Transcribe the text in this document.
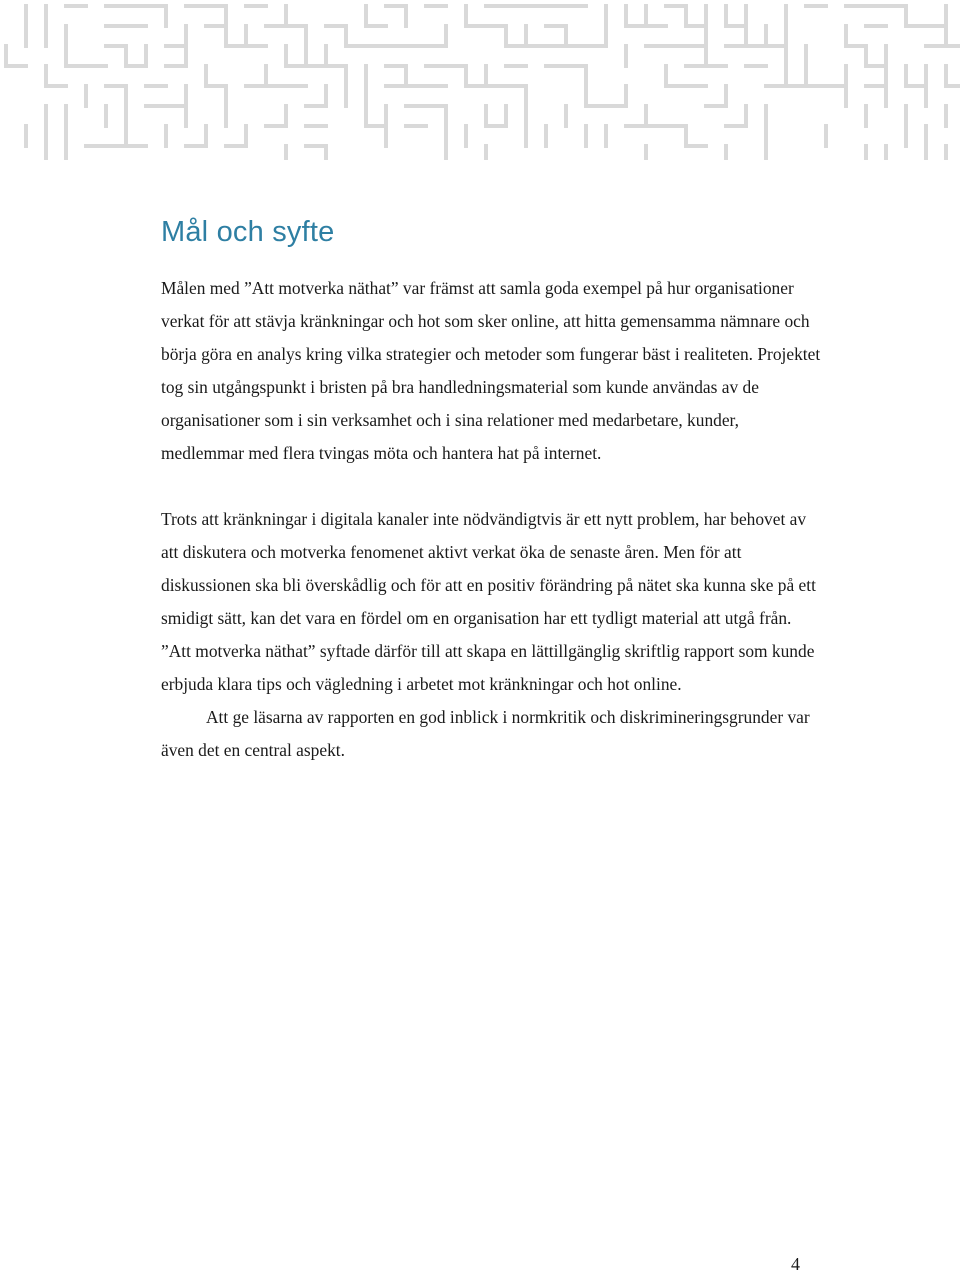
Mål och syfte

Målen med ”Att motverka näthat” var främst att samla goda exempel på hur organisationer verkat för att stävja kränkningar och hot som sker online, att hitta gemensamma nämnare och börja göra en analys kring vilka strategier och metoder som fungerar bäst i realiteten. Projektet tog sin utgångspunkt i bristen på bra handledningsmaterial som kunde användas av de organisationer som i sin verksamhet och i sina relationer med medarbetare, kunder, medlemmar med flera tvingas möta och hantera hat på internet.

Trots att kränkningar i digitala kanaler inte nödvändigtvis är ett nytt problem, har behovet av att diskutera och motverka fenomenet aktivt verkat öka de senaste åren. Men för att diskussionen ska bli överskådlig och för att en positiv förändring på nätet ska kunna ske på ett smidigt sätt, kan det vara en fördel om en organisation har ett tydligt material att utgå från. ”Att motverka näthat” syftade därför till att skapa en lättillgänglig skriftlig rapport som kunde erbjuda klara tips och vägledning i arbetet mot kränkningar och hot online.

Att ge läsarna av rapporten en god inblick i normkritik och diskrimineringsgrunder var även det en central aspekt.

4
